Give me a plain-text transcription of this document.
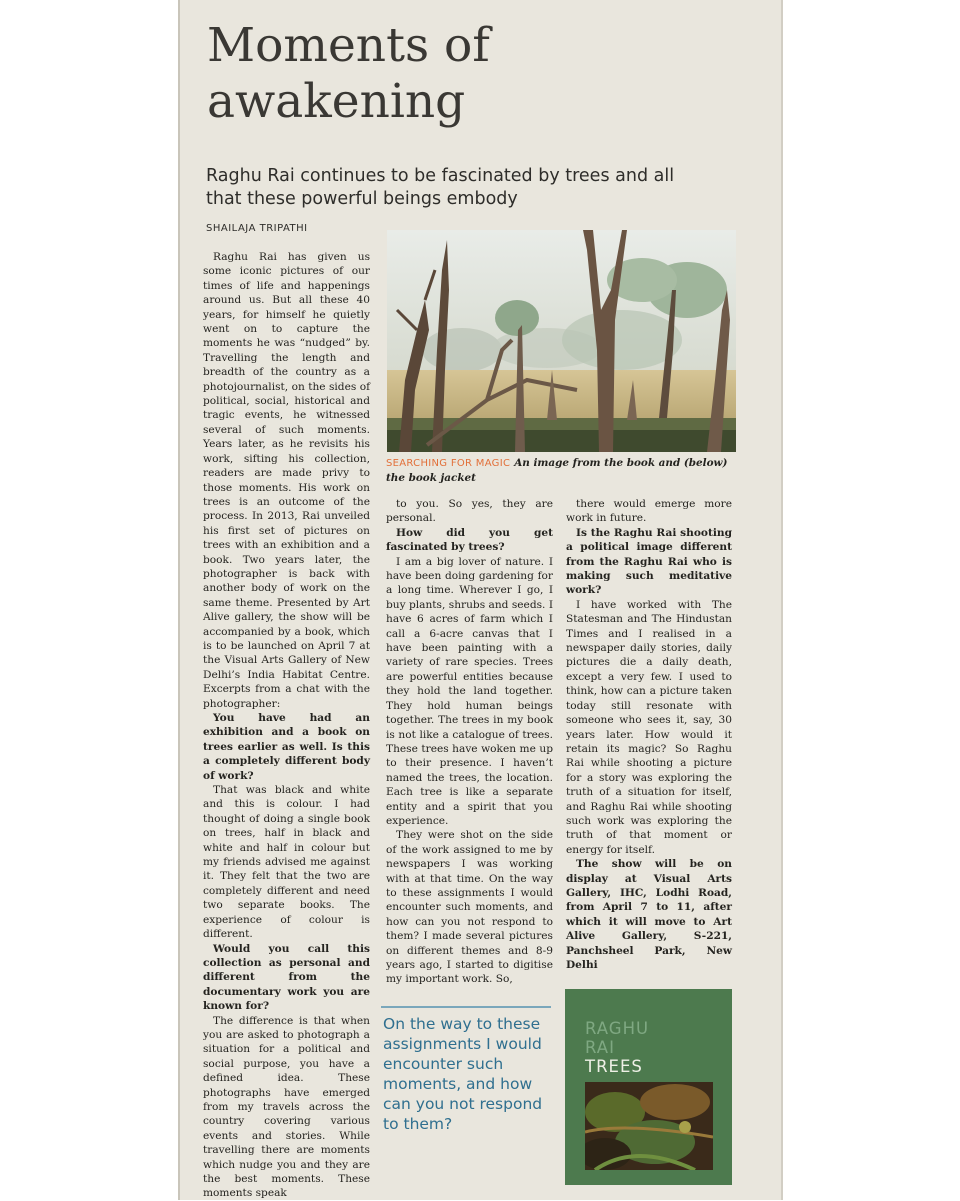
Moments of
awakening
Raghu Rai continues to be fascinated by trees and all
that these powerful beings embody
SHAILAJA TRIPATHI
SEARCHING FOR MAGIC An image from the book and (below) the book jacket

Raghu Rai has given us some iconic pictures of our times of life and happenings around us. But all these 40 years, for himself he quietly went on to capture the moments he was “nudged” by. Travelling the length and breadth of the country as a photojournalist, on the sides of political, social, historical and tragic events, he witnessed several of such moments. Years later, as he revisits his work, sifting his collection, readers are made privy to those moments. His work on trees is an outcome of the process. In 2013, Rai unveiled his first set of pictures on trees with an exhibition and a book. Two years later, the photographer is back with another body of work on the same theme. Presented by Art Alive gallery, the show will be accompanied by a book, which is to be launched on April 7 at the Visual Arts Gallery of New Delhi’s India Habitat Centre. Excerpts from a chat with the photographer:

You have had an exhibition and a book on trees earlier as well. Is this a completely different body of work?

That was black and white and this is colour. I had thought of doing a single book on trees, half in black and white and half in colour but my friends advised me against it. They felt that the two are completely different and need two separate books. The experience of colour is different.

Would you call this collection as personal and different from the documentary work you are known for?

The difference is that when you are asked to photograph a situation for a political and social purpose, you have a defined idea. These photographs have emerged from my travels across the country covering various events and stories. While travelling there are moments which nudge you and they are the best moments. These moments speak

to you. So yes, they are personal.

How did you get fascinated by trees?

I am a big lover of nature. I have been doing gardening for a long time. Wherever I go, I buy plants, shrubs and seeds. I have 6 acres of farm which I call a 6-acre canvas that I have been painting with a variety of rare species. Trees are powerful entities because they hold the land together. They hold human beings together. The trees in my book is not like a catalogue of trees. These trees have woken me up to their presence. I haven’t named the trees, the location. Each tree is like a separate entity and a spirit that you experience.

They were shot on the side of the work assigned to me by newspapers I was working with at that time. On the way to these assignments I would encounter such moments, and how can you not respond to them? I made several pictures on different themes and 8-9 years ago, I started to digitise my important work. So,

there would emerge more work in future.

Is the Raghu Rai shooting a political image different from the Raghu Rai who is making such meditative work?

I have worked with The Statesman and The Hindustan Times and I realised in a newspaper daily stories, daily pictures die a daily death, except a very few. I used to think, how can a picture taken today still resonate with someone who sees it, say, 30 years later. How would it retain its magic? So Raghu Rai while shooting a picture for a story was exploring the truth of a situation for itself, and Raghu Rai while shooting such work was exploring the truth of that moment or energy for itself.

The show will be on display at Visual Arts Gallery, IHC, Lodhi Road, from April 7 to 11, after which it will move to Art Alive Gallery, S-221, Panchsheel Park, New Delhi

On the way to these assignments I would encounter such moments, and how can you not respond to them?
RAGHU
RAI
TREES
